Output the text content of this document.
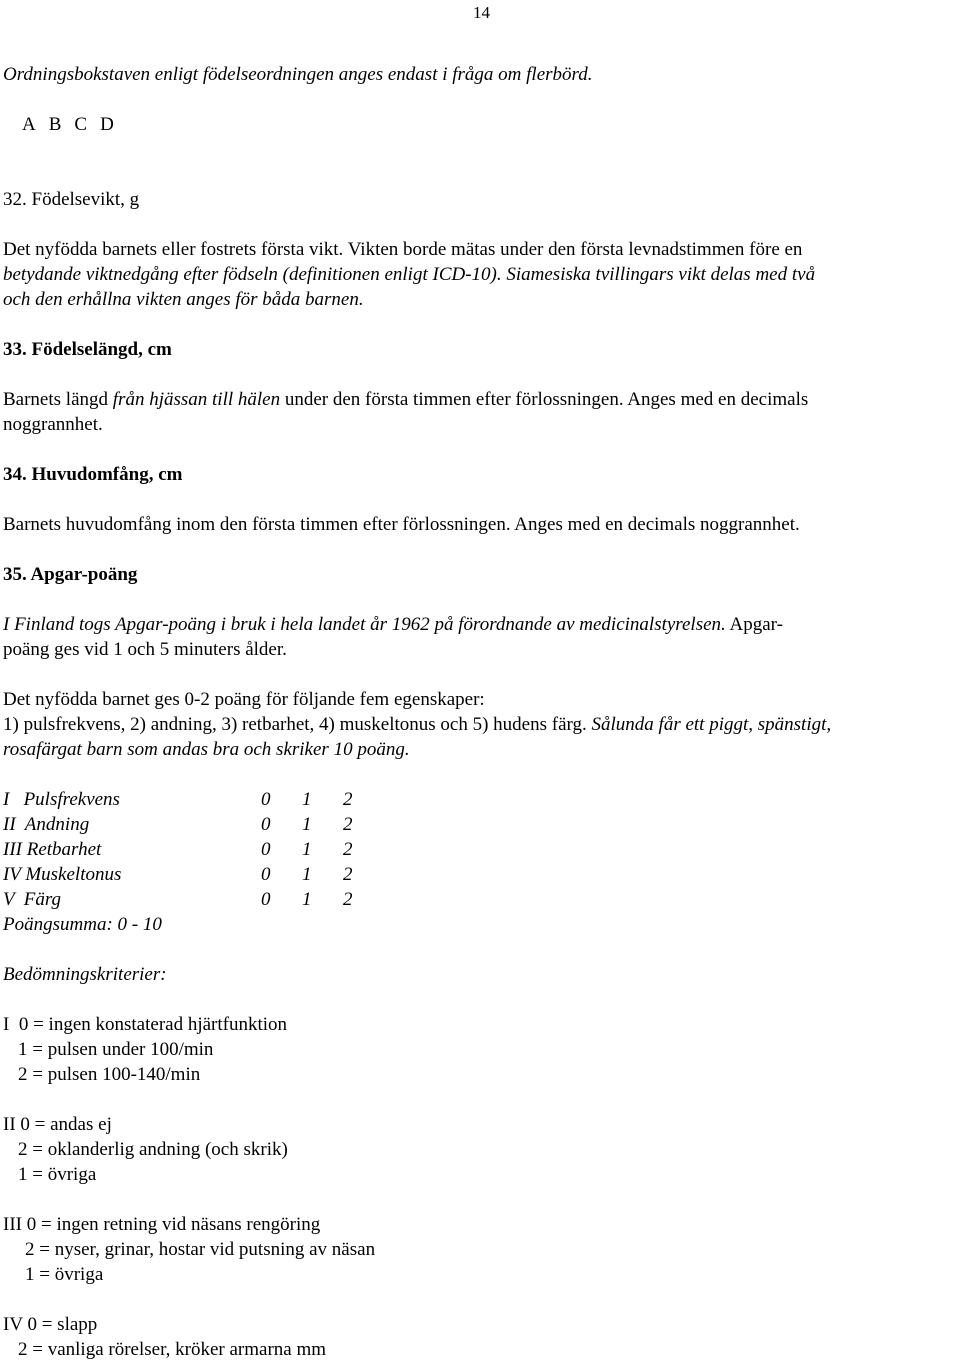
14
Ordningsbokstaven enligt födelseordningen anges endast i fråga om flerbörd.

A B C D

32. Födelsevikt, g
Det nyfödda barnets eller fostrets första vikt. Vikten borde mätas under den första levnadstimmen före en
betydande viktnedgång efter födseln (definitionen enligt ICD-10). Siamesiska tvillingars vikt delas med två
och den erhållna vikten anges för båda barnen.
33. Födelselängd, cm
Barnets längd från hjässan till hälen under den första timmen efter förlossningen. Anges med en decimals
noggrannhet.
34. Huvudomfång, cm
Barnets huvudomfång inom den första timmen efter förlossningen. Anges med en decimals noggrannhet.
35. Apgar-poäng
I Finland togs Apgar-poäng i bruk i hela landet år 1962 på förordnande av medicinalstyrelsen. Apgar-
poäng ges vid 1 och 5 minuters ålder.
Det nyfödda barnet ges 0-2 poäng för följande fem egenskaper:
1) pulsfrekvens, 2) andning, 3) retbarhet, 4) muskeltonus och 5) hudens färg. Sålunda får ett piggt, spänstigt,
rosafärgat barn som andas bra och skriker 10 poäng.
I   Pulsfrekvens	0	1	2
II  Andning	0	1	2
III Retbarhet	0	1	2
IV Muskeltonus	0	1	2
V  Färg	0	1	2
Poängsumma: 0 - 10
Bedömningskriterier:
I  0 = ingen konstaterad hjärtfunktion
1 = pulsen under 100/min
2 = pulsen 100-140/min
II 0 = andas ej
2 = oklanderlig andning (och skrik)
1 = övriga
III 0 = ingen retning vid näsans rengöring
2 = nyser, grinar, hostar vid putsning av näsan
1 = övriga
IV 0 = slapp
2 = vanliga rörelser, kröker armarna mm
